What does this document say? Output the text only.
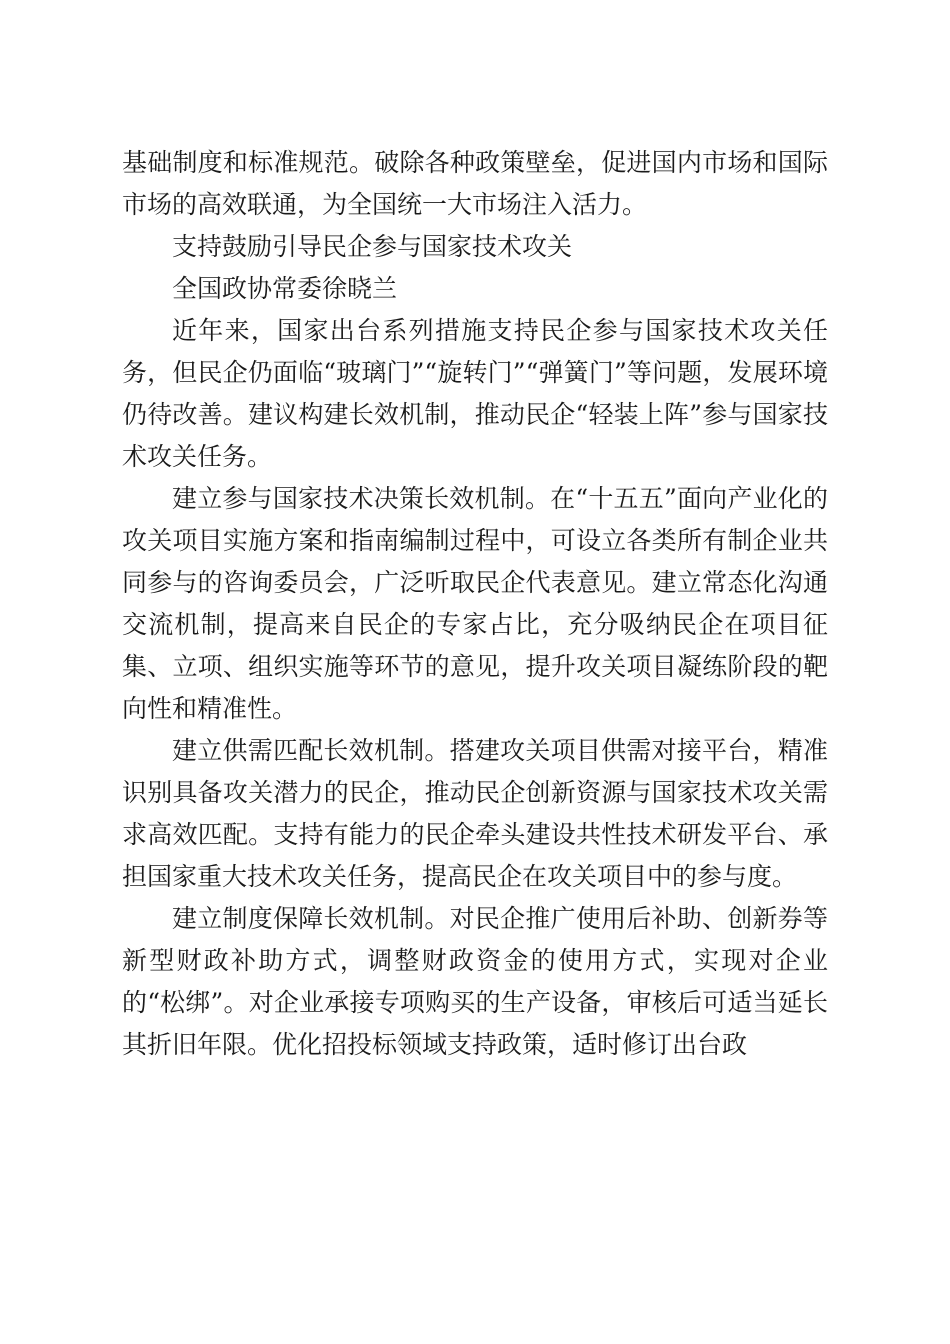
基础制度和标准规范。破除各种政策壁垒，促进国内市场和国际市场的高效联通，为全国统一大市场注入活力。

支持鼓励引导民企参与国家技术攻关

全国政协常委徐晓兰

近年来，国家出台系列措施支持民企参与国家技术攻关任务，但民企仍面临“玻璃门”“旋转门”“弹簧门”等问题，发展环境仍待改善。建议构建长效机制，推动民企“轻装上阵”参与国家技术攻关任务。

建立参与国家技术决策长效机制。在“十五五”面向产业化的攻关项目实施方案和指南编制过程中，可设立各类所有制企业共同参与的咨询委员会，广泛听取民企代表意见。建立常态化沟通交流机制，提高来自民企的专家占比，充分吸纳民企在项目征集、立项、组织实施等环节的意见，提升攻关项目凝练阶段的靶向性和精准性。

建立供需匹配长效机制。搭建攻关项目供需对接平台，精准识别具备攻关潜力的民企，推动民企创新资源与国家技术攻关需求高效匹配。支持有能力的民企牵头建设共性技术研发平台、承担国家重大技术攻关任务，提高民企在攻关项目中的参与度。

建立制度保障长效机制。对民企推广使用后补助、创新券等新型财政补助方式，调整财政资金的使用方式，实现对企业的“松绑”。对企业承接专项购买的生产设备，审核后可适当延长其折旧年限。优化招投标领域支持政策，适时修订出台政
